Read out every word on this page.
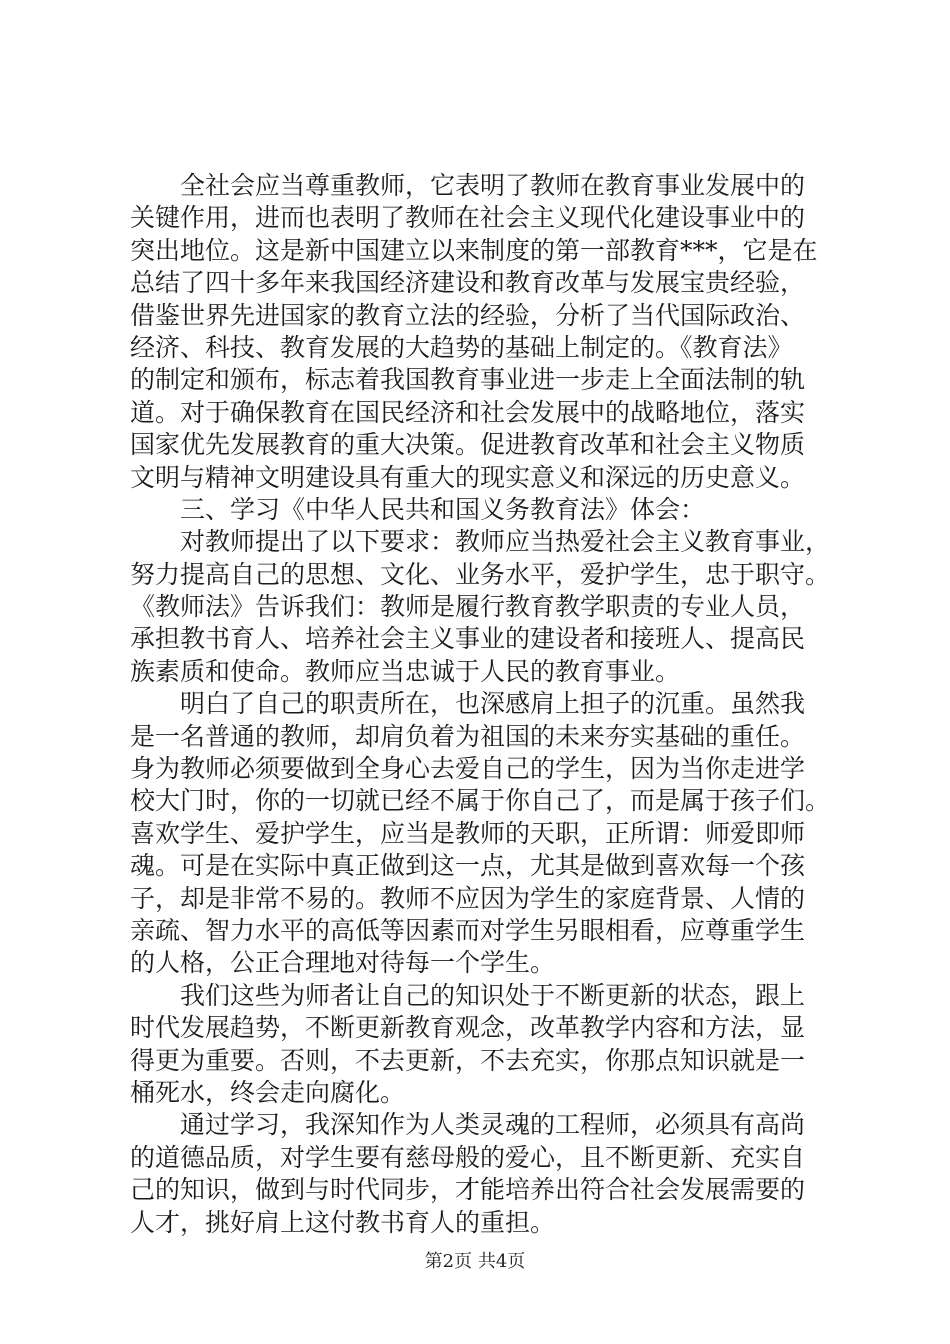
全社会应当尊重教师，它表明了教师在教育事业发展中的
关键作用，进而也表明了教师在社会主义现代化建设事业中的
突出地位。这是新中国建立以来制度的第一部教育***，它是在
总结了四十多年来我国经济建设和教育改革与发展宝贵经验，
借鉴世界先进国家的教育立法的经验，分析了当代国际政治、
经济、科技、教育发展的大趋势的基础上制定的。《教育法》
的制定和颁布，标志着我国教育事业进一步走上全面法制的轨
道。对于确保教育在国民经济和社会发展中的战略地位，落实
国家优先发展教育的重大决策。促进教育改革和社会主义物质
文明与精神文明建设具有重大的现实意义和深远的历史意义。
三、学习《中华人民共和国义务教育法》体会：
对教师提出了以下要求：教师应当热爱社会主义教育事业，
努力提高自己的思想、文化、业务水平，爱护学生，忠于职守。
《教师法》告诉我们：教师是履行教育教学职责的专业人员，
承担教书育人、培养社会主义事业的建设者和接班人、提高民
族素质和使命。教师应当忠诚于人民的教育事业。
明白了自己的职责所在，也深感肩上担子的沉重。虽然我
是一名普通的教师，却肩负着为祖国的未来夯实基础的重任。
身为教师必须要做到全身心去爱自己的学生，因为当你走进学
校大门时，你的一切就已经不属于你自己了，而是属于孩子们。
喜欢学生、爱护学生，应当是教师的天职，正所谓：师爱即师
魂。可是在实际中真正做到这一点，尤其是做到喜欢每一个孩
子，却是非常不易的。教师不应因为学生的家庭背景、人情的
亲疏、智力水平的高低等因素而对学生另眼相看，应尊重学生
的人格，公正合理地对待每一个学生。
我们这些为师者让自己的知识处于不断更新的状态，跟上
时代发展趋势，不断更新教育观念，改革教学内容和方法，显
得更为重要。否则，不去更新，不去充实，你那点知识就是一
桶死水，终会走向腐化。
通过学习，我深知作为人类灵魂的工程师，必须具有高尚
的道德品质，对学生要有慈母般的爱心，且不断更新、充实自
己的知识，做到与时代同步，才能培养出符合社会发展需要的
人才，挑好肩上这付教书育人的重担。
第2页 共4页
